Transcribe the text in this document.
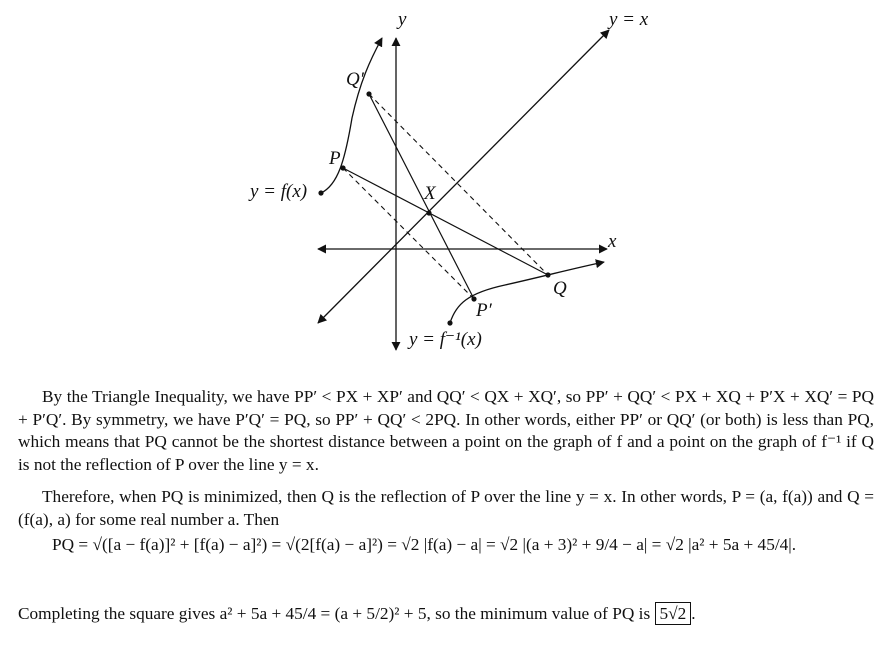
y
x
y = x
y = f(x)
y = f⁻¹(x)
P
Q
X
P′
Q′

By the Triangle Inequality, we have PP′ < PX + XP′ and QQ′ < QX + XQ′, so PP′ + QQ′ < PX + XQ + P′X + XQ′ = PQ + P′Q′. By symmetry, we have P′Q′ = PQ, so PP′ + QQ′ < 2PQ. In other words, either PP′ or QQ′ (or both) is less than PQ, which means that PQ cannot be the shortest distance between a point on the graph of f and a point on the graph of f⁻¹ if Q is not the reflection of P over the line y = x.

Therefore, when PQ is minimized, then Q is the reflection of P over the line y = x. In other words, P = (a, f(a)) and Q = (f(a), a) for some real number a. Then

PQ = √([a − f(a)]² + [f(a) − a]²) = √(2[f(a) − a]²) = √2 |f(a) − a| = √2 |(a + 3)² + 9/4 − a| = √2 |a² + 5a + 45/4|.
Completing the square gives a² + 5a + 45/4 = (a + 5/2)² + 5, so the minimum value of PQ is 5√2 .
